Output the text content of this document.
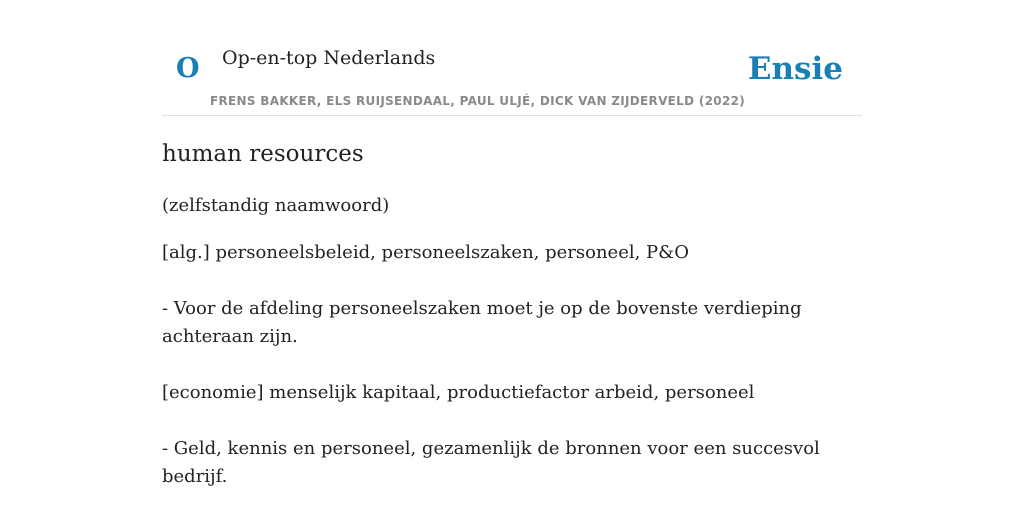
O Op-en-top Nederlands
FRENS BAKKER, ELS RUIJSENDAAL, PAUL ULJÉ, DICK VAN ZIJDERVELD (2022)
Ensie
human resources
(zelfstandig naamwoord)
[alg.] personeelsbeleid, personeelszaken, personeel, P&O
- Voor de afdeling personeelszaken moet je op de bovenste verdieping achteraan zijn.
[economie] menselijk kapitaal, productiefactor arbeid, personeel
- Geld, kennis en personeel, gezamenlijk de bronnen voor een succesvol bedrijf.
